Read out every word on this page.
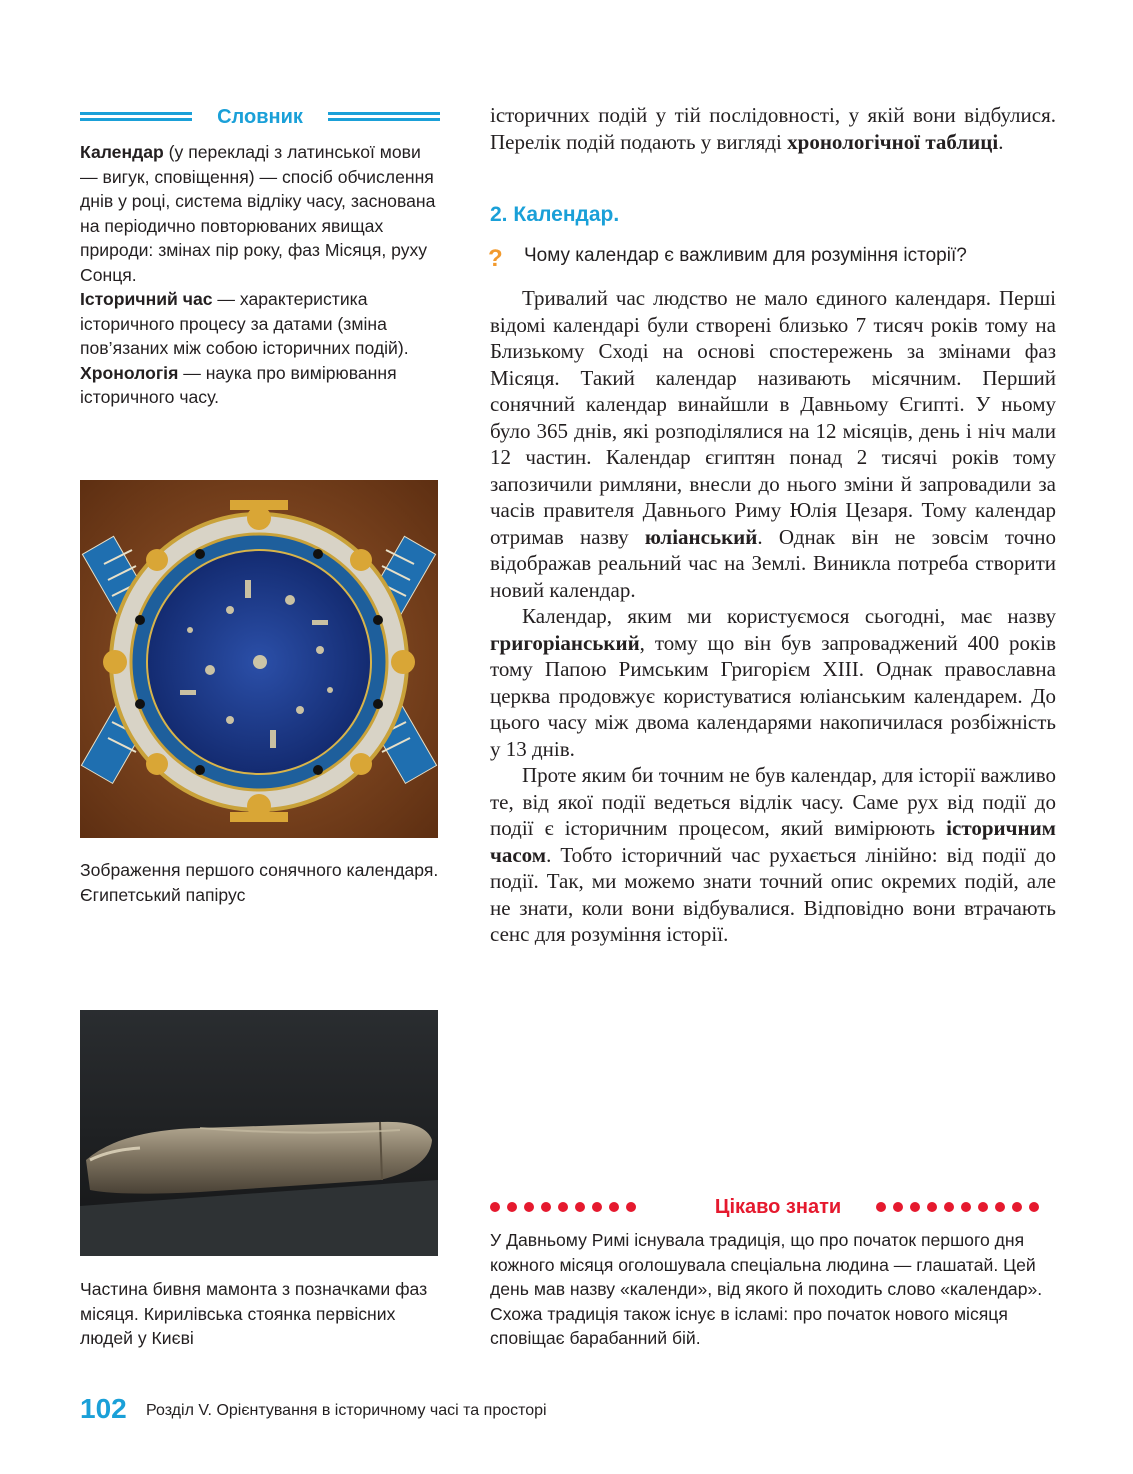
Словник

Календар (у перекладі з латинської мови — вигук, сповіщення) — спосіб обчислення днів у році, система відліку часу, заснована на періодично повторюваних явищах природи: змінах пір року, фаз Місяця, руху Сонця.

Історичний час — характеристика історичного процесу за датами (зміна пов’язаних між собою історичних подій).

Хронологія — наука про вимірювання історичного часу.

Зображення першого сонячного календаря. Єгипетський папірус
Частина бивня мамонта з позначками фаз місяця. Кирилівська стоянка первісних людей у Києві

історичних подій у тій послідовності, у якій вони відбулися. Перелік подій подають у вигляді хронологічної таблиці.

2. Календар.
? Чому календар є важливим для розуміння історії?

Тривалий час людство не мало єдиного календаря. Перші відомі календарі були створені близько 7 тисяч років тому на Близькому Сході на основі спостережень за змінами фаз Місяця. Такий календар називають місячним. Перший сонячний календар винайшли в Давньому Єгипті. У ньому було 365 днів, які розподілялися на 12 місяців, день і ніч мали 12 частин. Календар єгиптян понад 2 тисячі років тому запозичили римляни, внесли до нього зміни й запровадили за часів правителя Давнього Риму Юлія Цезаря. Тому календар отримав назву юліанський. Однак він не зовсім точно відображав реальний час на Землі. Виникла потреба створити новий календар.

Календар, яким ми користуємося сьогодні, має назву григоріанський, тому що він був запроваджений 400 років тому Папою Римським Григорієм XIII. Однак православна церква продовжує користуватися юліанським календарем. До цього часу між двома календарями накопичилася розбіжність у 13 днів.

Проте яким би точним не був календар, для історії важливо те, від якої події ведеться відлік часу. Саме рух від події до події є історичним процесом, який вимірюють історичним часом. Тобто історичний час рухається лінійно: від події до події. Так, ми можемо знати точний опис окремих подій, але не знати, коли вони відбувалися. Відповідно вони втрачають сенс для розуміння історії.

Цікаво знати
У Давньому Римі існувала традиція, що про початок першого дня кожного місяця оголошувала спеціальна людина — глашатай. Цей день мав назву «календи», від якого й походить слово «календар». Схожа традиція також існує в ісламі: про початок нового місяця сповіщає барабанний бій.
102 Розділ V. Орієнтування в історичному часі та просторі
